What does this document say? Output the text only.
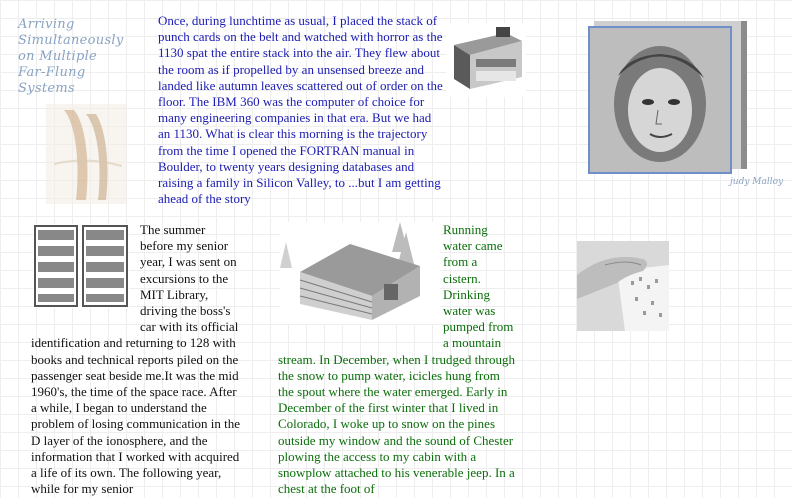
Arriving
Simultaneously
on Multiple
Far-Flung
Systems
Once, during lunchtime as usual, I placed the stack of punch cards on the belt and watched with horror as the 1130 spat the entire stack into the air. They flew about the room as if propelled by an unsensed breeze and landed like autumn leaves scattered out of order on the floor. The IBM 360 was the computer of choice for many engineering companies in that era. But we had an 1130. What is clear this morning is the trajectory from the time I opened the FORTRAN manual in Boulder, to twenty years designing databases and raising a family in Silicon Valley, to ...but I am getting ahead of the story
judy Malloy
The summer before my senior year, I was sent on excursions to the MIT Library, driving the boss's car with its official identification and returning to 128 with books and technical reports piled on the passenger seat beside me.It was the mid 1960's, the time of the space race. After a while, I began to understand the problem of losing communication in the D layer of the ionosphere, and the information that I worked with acquired a life of its own. The following year, while for my senior
Running water came from a cistern. Drinking water was pumped from a mountain stream. In December, when I trudged through the snow to pump water, icicles hung from the spout where the water emerged. Early in December of the first winter that I lived in Colorado, I woke up to snow on the pines outside my window and the sound of Chester plowing the access to my cabin with a snowplow attached to his venerable jeep. In a chest at the foot of
